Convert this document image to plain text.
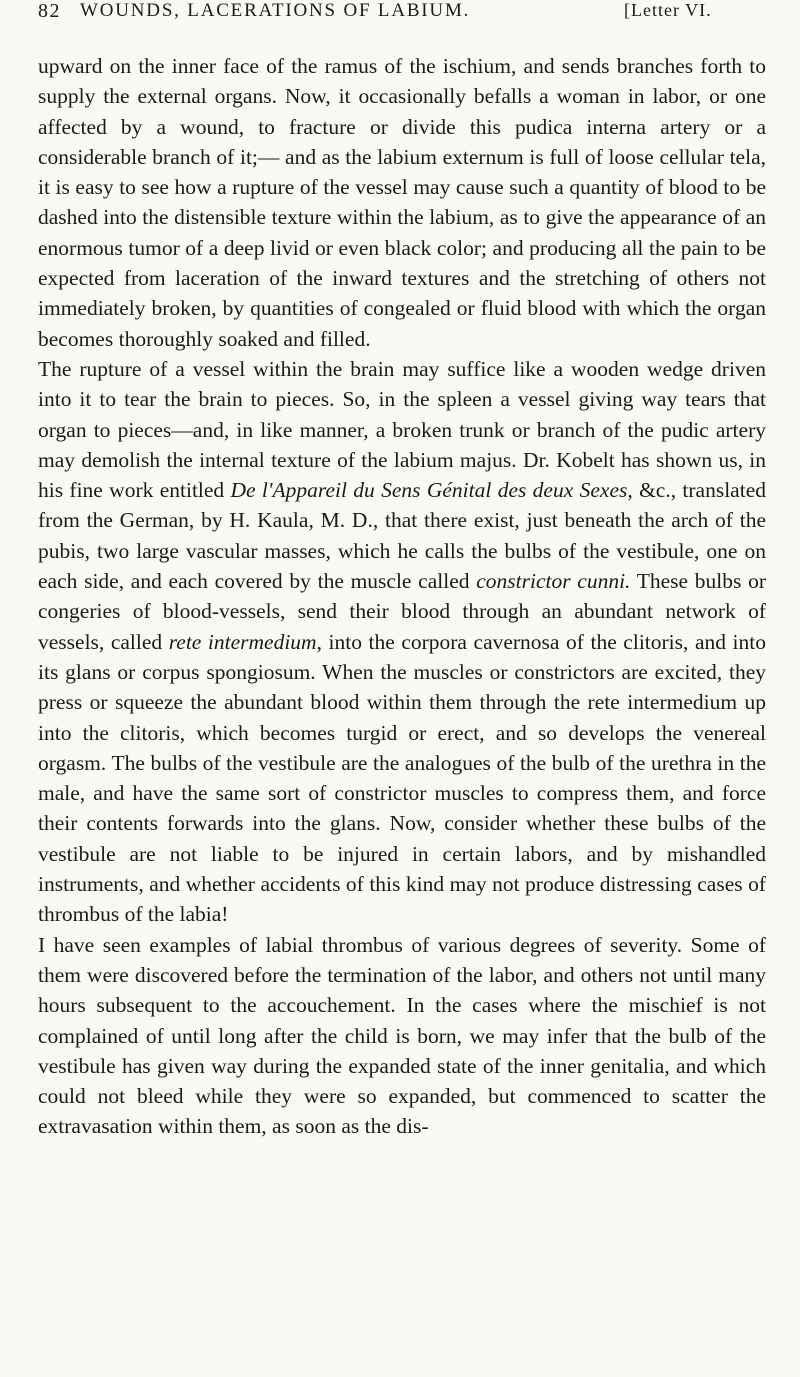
82 WOUNDS, LACERATIONS OF LABIUM.	[Letter VI.

upward on the inner face of the ramus of the ischium, and sends branches forth to supply the external organs. Now, it occasionally befalls a woman in labor, or one affected by a wound, to fracture or divide this pudica interna artery or a considerable branch of it;— and as the labium externum is full of loose cellular tela, it is easy to see how a rupture of the vessel may cause such a quantity of blood to be dashed into the distensible texture within the labium, as to give the appearance of an enormous tumor of a deep livid or even black color; and producing all the pain to be expected from laceration of the inward textures and the stretching of others not immediately broken, by quantities of congealed or fluid blood with which the organ becomes thoroughly soaked and filled.

The rupture of a vessel within the brain may suffice like a wooden wedge driven into it to tear the brain to pieces. So, in the spleen a vessel giving way tears that organ to pieces—and, in like manner, a broken trunk or branch of the pudic artery may demolish the internal texture of the labium majus. Dr. Kobelt has shown us, in his fine work entitled De l'Appareil du Sens Génital des deux Sexes, &c., translated from the German, by H. Kaula, M. D., that there exist, just beneath the arch of the pubis, two large vascular masses, which he calls the bulbs of the vestibule, one on each side, and each covered by the muscle called constrictor cunni. These bulbs or congeries of blood-vessels, send their blood through an abundant network of vessels, called rete intermedium, into the corpora cavernosa of the clitoris, and into its glans or corpus spongiosum. When the muscles or constrictors are excited, they press or squeeze the abundant blood within them through the rete intermedium up into the clitoris, which becomes turgid or erect, and so develops the venereal orgasm. The bulbs of the vestibule are the analogues of the bulb of the urethra in the male, and have the same sort of constrictor muscles to compress them, and force their contents forwards into the glans. Now, consider whether these bulbs of the vestibule are not liable to be injured in certain labors, and by mishandled instruments, and whether accidents of this kind may not produce distressing cases of thrombus of the labia!

I have seen examples of labial thrombus of various degrees of severity. Some of them were discovered before the termination of the labor, and others not until many hours subsequent to the accouchement. In the cases where the mischief is not complained of until long after the child is born, we may infer that the bulb of the vestibule has given way during the expanded state of the inner genitalia, and which could not bleed while they were so expanded, but commenced to scatter the extravasation within them, as soon as the dis-
